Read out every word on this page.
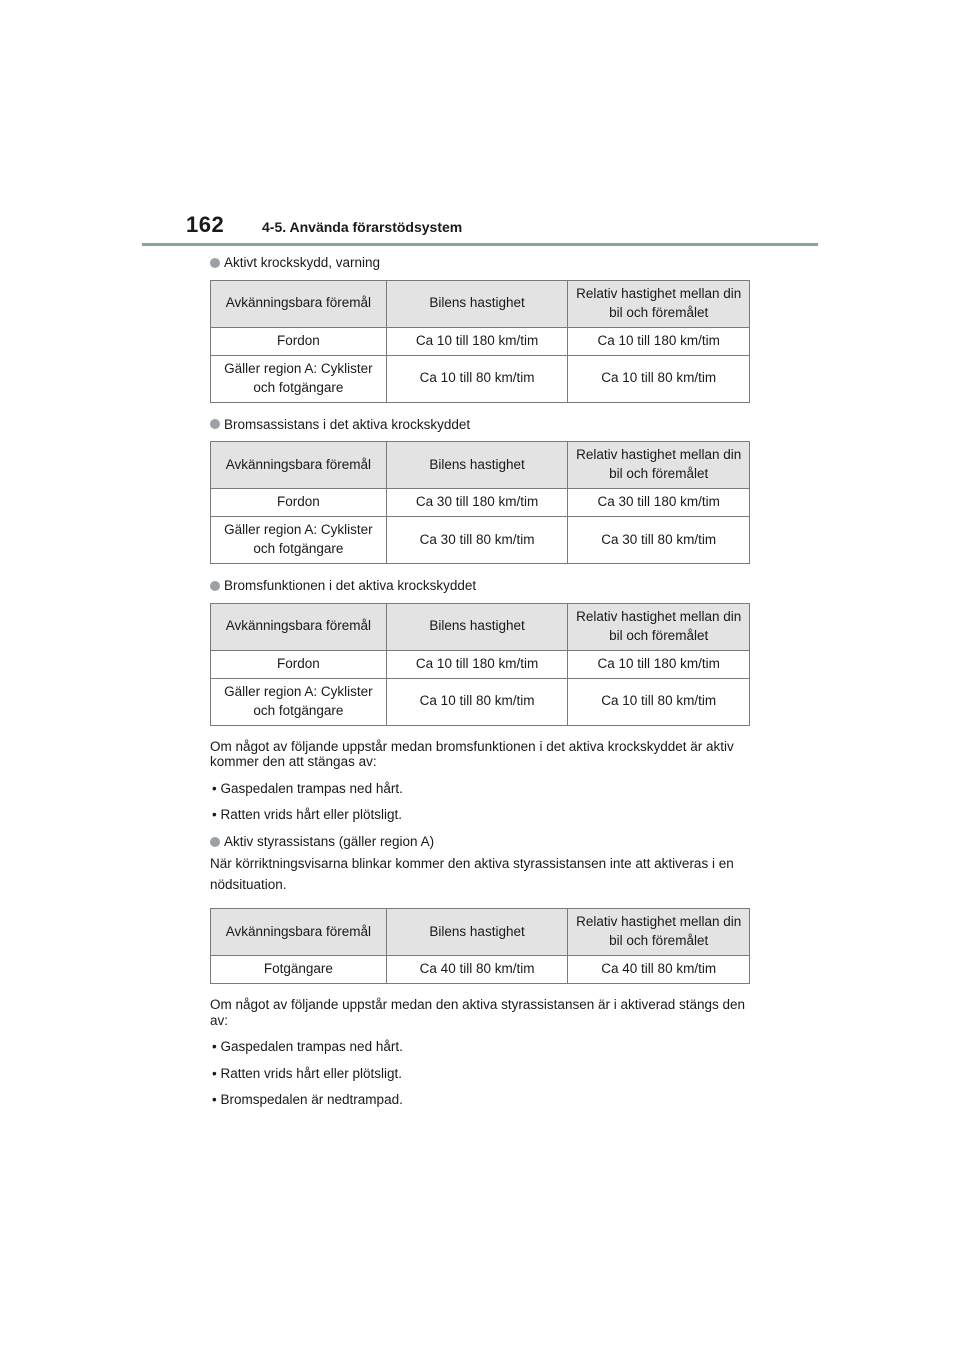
162	4-5. Använda förarstödsystem
Aktivt krockskydd, varning
Avkänningsbara föremål	Bilens hastighet	Relativ hastighet mellan din bil och föremålet
Fordon	Ca 10 till 180 km/tim	Ca 10 till 180 km/tim
Gäller region A: Cyklister och fotgängare	Ca 10 till 80 km/tim	Ca 10 till 80 km/tim
Bromsassistans i det aktiva krockskyddet
Avkänningsbara föremål	Bilens hastighet	Relativ hastighet mellan din bil och föremålet
Fordon	Ca 30 till 180 km/tim	Ca 30 till 180 km/tim
Gäller region A: Cyklister och fotgängare	Ca 30 till 80 km/tim	Ca 30 till 80 km/tim
Bromsfunktionen i det aktiva krockskyddet
Avkänningsbara föremål	Bilens hastighet	Relativ hastighet mellan din bil och föremålet
Fordon	Ca 10 till 180 km/tim	Ca 10 till 180 km/tim
Gäller region A: Cyklister och fotgängare	Ca 10 till 80 km/tim	Ca 10 till 80 km/tim

Om något av följande uppstår medan bromsfunktionen i det aktiva krockskyddet är aktiv kommer den att stängas av:

• Gaspedalen trampas ned hårt.
• Ratten vrids hårt eller plötsligt.
Aktiv styrassistans (gäller region A)

När körriktningsvisarna blinkar kommer den aktiva styrassistansen inte att aktiveras i en nödsituation.

Avkänningsbara föremål	Bilens hastighet	Relativ hastighet mellan din bil och föremålet
Fotgängare	Ca 40 till 80 km/tim	Ca 40 till 80 km/tim

Om något av följande uppstår medan den aktiva styrassistansen är i aktiverad stängs den av:

• Gaspedalen trampas ned hårt.
• Ratten vrids hårt eller plötsligt.
• Bromspedalen är nedtrampad.
